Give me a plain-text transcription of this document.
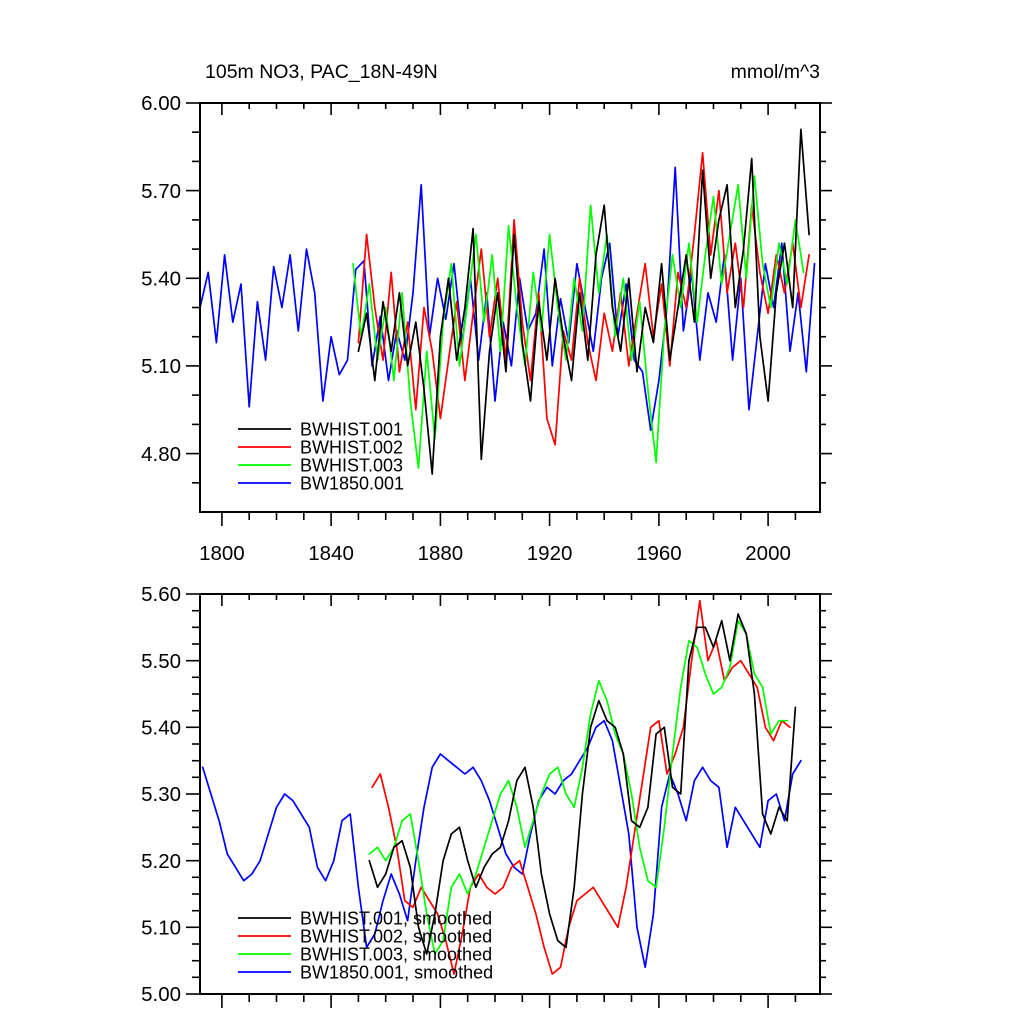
105m NO3, PAC_18N-49N	mmol/m^3
1800	1840	1880	1920	1960	2000
6.00
5.70
5.40
5.10
4.80
BWHIST.001
BWHIST.002
BWHIST.003
BW1850.001
5.60
5.50
5.40
5.30
5.20
5.10
5.00
BWHIST.001, smoothed
BWHIST.002, smoothed
BWHIST.003, smoothed
BW1850.001, smoothed
